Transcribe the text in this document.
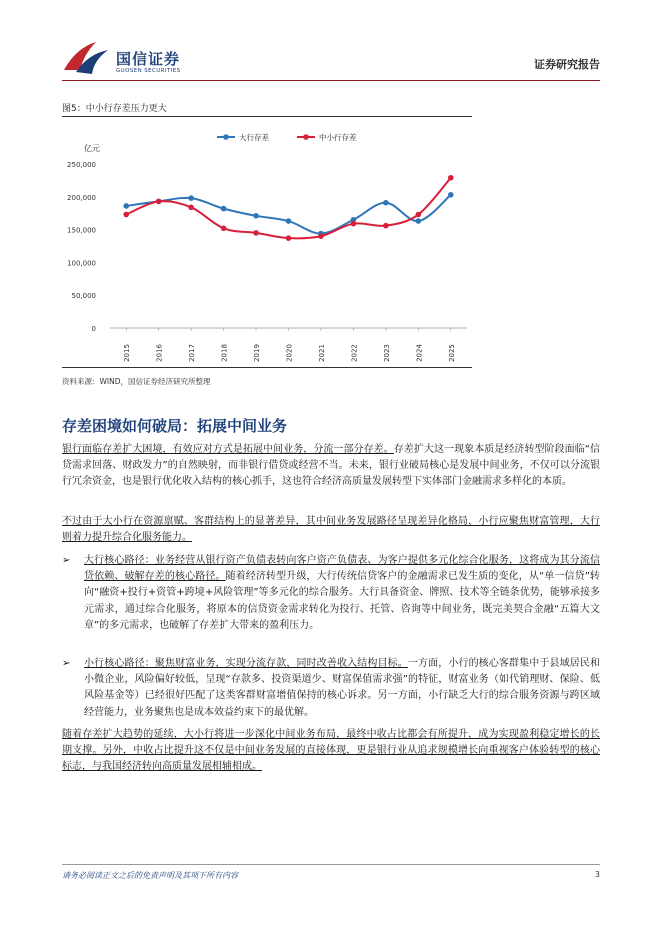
国信证券
GUOSEN SECURITIES	证券研究报告
图5：中小行存差压力更大
亿元
0
50,000
100,000
150,000
200,000
250,000
2015	2016	2017	2018	2019	2020	2021	2022	2023	2024	2025
大行存差	中小行存差
资料来源：WIND，国信证券经济研究所整理
存差困境如何破局：拓展中间业务
银行面临存差扩大困境，有效应对方式是拓展中间业务，分流一部分存差。存差扩大这一现象本质是经济转型阶段面临“信贷需求回落、财政发力”的自然映射，而非银行借贷或经营不当。未来，银行业破局核心是发展中间业务，不仅可以分流银行冗余资金，也是银行优化收入结构的核心抓手，这也符合经济高质量发展转型下实体部门金融需求多样化的本质。
不过由于大小行在资源禀赋、客群结构上的显著差异，其中间业务发展路径呈现差异化格局，小行应聚焦财富管理，大行则着力提升综合化服务能力。
➢ 大行核心路径：业务经营从银行资产负债表转向客户资产负债表、为客户提供多元化综合化服务，这将成为其分流信贷依赖、破解存差的核心路径。随着经济转型升级，大行传统信贷客户的金融需求已发生质的变化，从“单一信贷”转向“融资+投行+资管+跨境+风险管理”等多元化的综合服务。大行具备资金、牌照、技术等全链条优势，能够承接多元需求，通过综合化服务，将原本的信贷资金需求转化为投行、托管、咨询等中间业务，既完美契合金融“五篇大文章”的多元需求，也破解了存差扩大带来的盈利压力。
➢ 小行核心路径：聚焦财富业务，实现分流存款，同时改善收入结构目标。一方面，小行的核心客群集中于县域居民和小微企业，风险偏好较低，呈现“存款多、投资渠道少、财富保值需求强”的特征，财富业务（如代销理财、保险、低风险基金等）已经很好匹配了这类客群财富增值保持的核心诉求。另一方面，小行缺乏大行的综合服务资源与跨区域经营能力，业务聚焦也是成本效益约束下的最优解。
随着存差扩大趋势的延续，大小行将进一步深化中间业务布局，最终中收占比都会有所提升，成为实现盈利稳定增长的长期支撑。另外，中收占比提升这不仅是中间业务发展的直接体现，更是银行业从追求规模增长向重视客户体验转型的核心标志，与我国经济转向高质量发展相辅相成。
请务必阅读正文之后的免责声明及其项下所有内容	3
